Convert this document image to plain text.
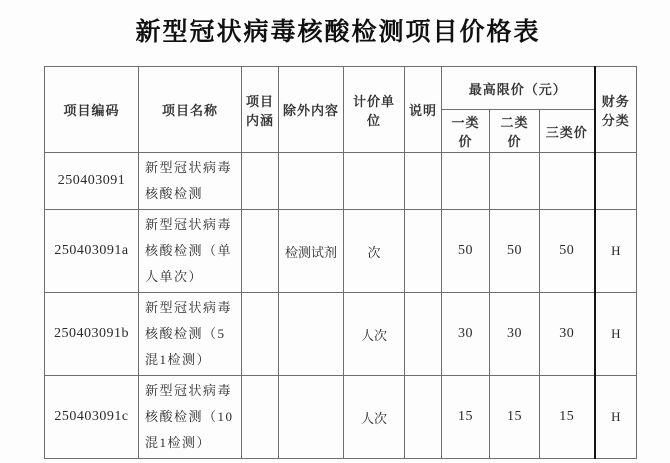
新型冠状病毒核酸检测项目价格表
项目编码	项目名称	项目内涵	除外内容	计价单位	说明	最高限价（元）			财务分类
						一类价	二类价	三类价	
250403091	新型冠状病毒核酸检测								
250403091a	新型冠状病毒核酸检测（单人单次）		检测试剂	次		50	50	50	H
250403091b	新型冠状病毒核酸检测（5混1检测）			人次		30	30	30	H
250403091c	新型冠状病毒核酸检测（10混1检测）			人次		15	15	15	H
